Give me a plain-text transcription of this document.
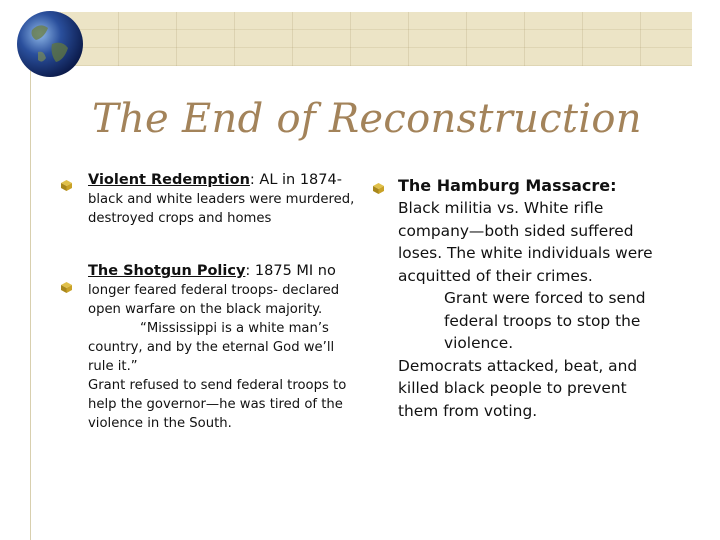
The End of Reconstruction

Violent Redemption: AL in 1874-

black and white leaders were murdered, destroyed crops and homes

The Shotgun Policy: 1875 MI no

longer feared federal troops- declared open warfare on the black majority.

“Mississippi is a white man’s country, and by the eternal God we’ll rule it.”

Grant refused to send federal troops to help the governor—he was tired of the violence in the South.

The Hamburg Massacre:

Black militia vs. White rifle company—both sided suffered loses. The white individuals were acquitted of their crimes.

Grant were forced to send federal troops to stop the violence.

Democrats attacked, beat, and killed black people to prevent them from voting.
